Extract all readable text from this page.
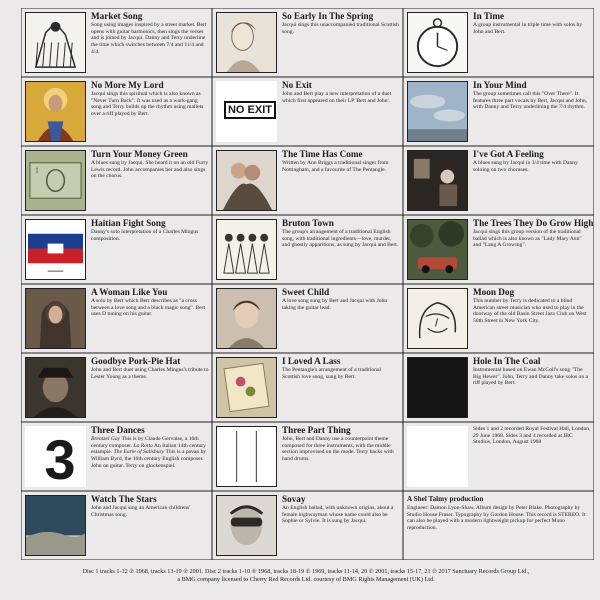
Market Song
Song using images inspired by a street market. Bert opens with guitar harmonics, then sings the verses and is joined by Jacqui. Danny and Terry underline the time which switches between 7/4 and 11/4 and 4/4.
So Early In The Spring
Jacqui sings this unaccompanied traditional Scottish song.
In Time
A group instrumental in triple time with solos by John and Bert.
No More My Lord
Jacqui sings this spiritual which is also known as "Never Turn Back". It was used as a work-gang song and Terry builds up the rhythm using mallets over a riff played by Bert.	NO EXIT
No Exit
John and Bert play a new interpretation of a duet which first appeared on their LP 'Bert and John'.
In Your Mind
The group sometimes call this "Over There". It features three part vocals by Bert, Jacqui and John, with Danny and Terry underlining the 7/4 rhythm.
1
Turn Your Money Green
A blues sung by Jacqui. She heard it on an old Furry Lewis record. John accompanies her and also sings on the chorus.
The Time Has Come
Written by Ann Briggs a traditional singer from Nottingham, and a favourite of The Pentangle.
I've Got A Feeling
A blues sung by Jacqui in 3/4 time with Danny soloing on two choruses.
Haitian Fight Song
Danny's solo interpretation of a Charles Mingus composition.
Bruton Town
The group's arrangement of a traditional English song, with traditional ingredients—love, murder, and ghostly apparitions, as sung by Jacqui and Bert.
The Trees They Do Grow High
Jacqui sings this group version of the traditional ballad which is also known as "Lady Mary Ann" and "Lang A Growing".
A Woman Like You
A solo by Bert which Bert describes as "a cross between a love song and a black magic song". Bert uses D tuning on his guitar.
Sweet Child
A love song sung by Bert and Jacqui with John taking the guitar lead.
Moon Dog
This number by Terry is dedicated to a blind American street musician who used to play in the doorway of the old Basin Street Jazz Club on West 50th Street in New York City.
Goodbye Pork-Pie Hat
John and Bert duet using Charles Mingus's tribute to Lester Young as a theme.
I Loved A Lass
The Pentangle's arrangement of a traditional Scottish love song, sung by Bert.
Hole In The Coal
Instrumental based on Ewan McColl's song "The Big Hewer". John, Terry and Danny take solos on a riff played by Bert.
3	Three Dances
Brentzel Gay This is by Claude Gervaise, a 16th century composer. La Rotta An Italian 14th century estampie. The Earle of Salisbury This is a pavan by William Byrd, the 16th century English composer. John on guitar. Terry on glockenspiel.
Three Part Thing
John, Bert and Danny use a counterpoint theme composed for three instruments, with the middle section improvised on the mode. Terry backs with hand drums.
Sides 1 and 2 recorded Royal Festival Hall, London, 29 June 1968. Sides 3 and 4 recorded at IBC Studios, London, August 1968
Watch The Stars
John and Jacqui sing an American childrens' Christmas song.
Sovay
An English ballad, with unknown origins, about a female highwayman whose name could also be Sophie or Sylvie. It is sung by Jacqui.
A Shel Talmy production
Engineer: Damon Lyon-Shaw. Album design by Peter Blake. Photography by Studio House Fraser. Typography by Gordon House. This record is STEREO. It can also be played with a modern lightweight pickup for perfect Mono reproduction.
Disc 1 tracks 1-12 ℗ 1968, tracks 13-19 ℗ 2001. Disc 2 tracks 1-10 ℗ 1968, tracks 18-19 ℗ 1969, tracks 11-14, 20 ℗ 2001, tracks 15-17, 21 ℗ 2017 Sanctuary Records Group Ltd.,
a BMG company licensed to Cherry Red Records Ltd. courtesy of BMG Rights Management (UK) Ltd.
